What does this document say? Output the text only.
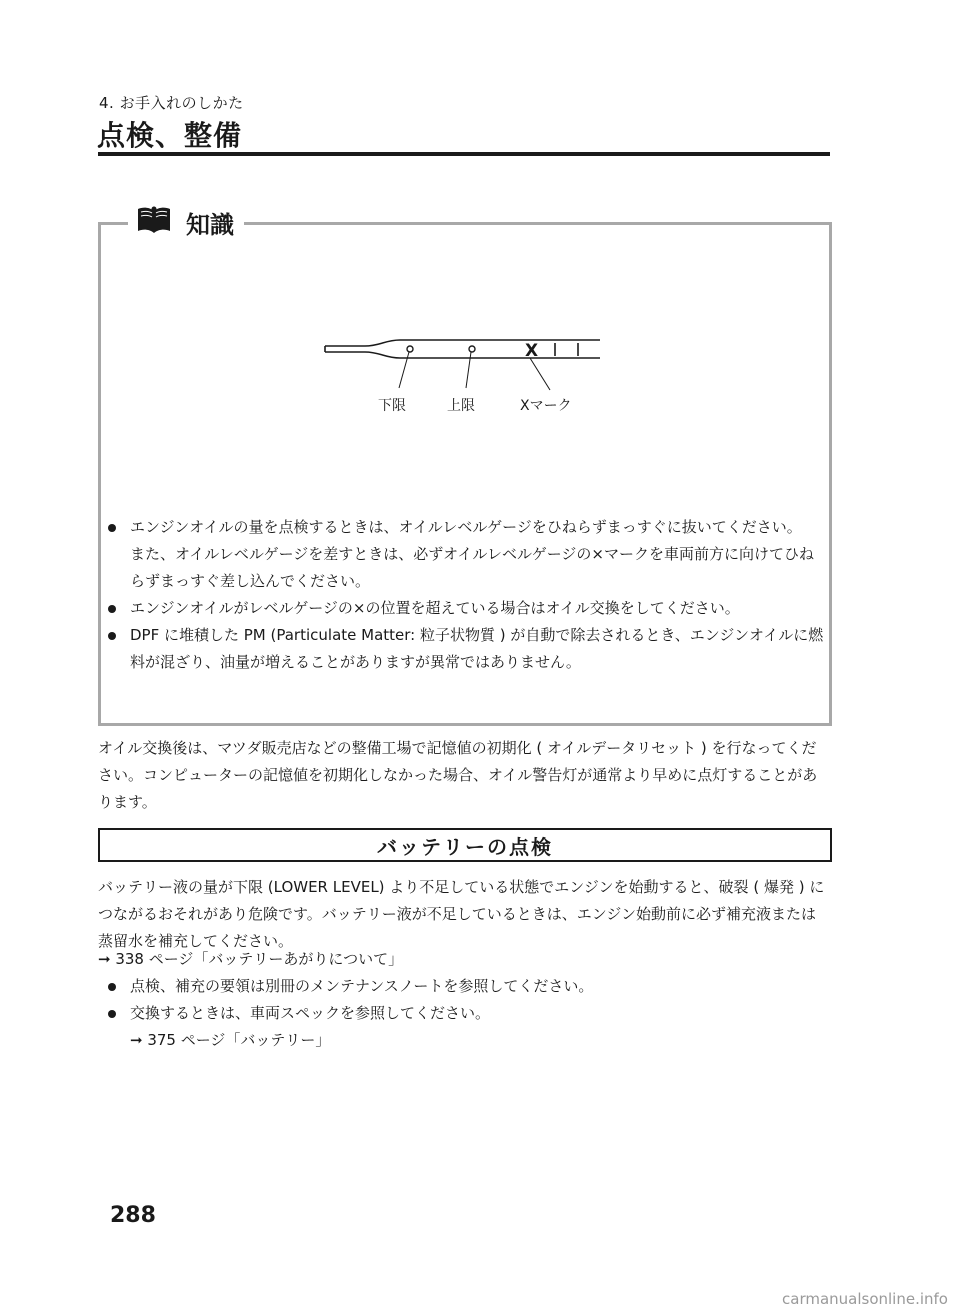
4. お手入れのしかた
点検、整備
知識
X
下限	上限	Xマーク

エンジンオイルの量を点検するときは、オイルレベルゲージをひねらずまっすぐに抜いてください。

また、オイルレベルゲージを差すときは、必ずオイルレベルゲージの×マークを車両前方に向けてひねらずまっすぐ差し込んでください。

エンジンオイルがレベルゲージの×の位置を超えている場合はオイル交換をしてください。

DPF に堆積した PM (Particulate Matter: 粒子状物質 ) が自動で除去されるとき、エンジンオイルに燃料が混ざり、油量が増えることがありますが異常ではありません。

オイル交換後は、マツダ販売店などの整備工場で記憶値の初期化 ( オイルデータリセット ) を行なってください。コンピューターの記憶値を初期化しなかった場合、オイル警告灯が通常より早めに点灯することがあります。
バッテリーの点検
バッテリー液の量が下限 (LOWER LEVEL) より不足している状態でエンジンを始動すると、破裂 ( 爆発 ) につながるおそれがあり危険です。バッテリー液が不足しているときは、エンジン始動前に必ず補充液または蒸留水を補充してください。
➞ 338 ページ「バッテリーあがりについて」

点検、補充の要領は別冊のメンテナンスノートを参照してください。

交換するときは、車両スペックを参照してください。

➞ 375 ページ「バッテリー」

288
carmanualsonline.info
